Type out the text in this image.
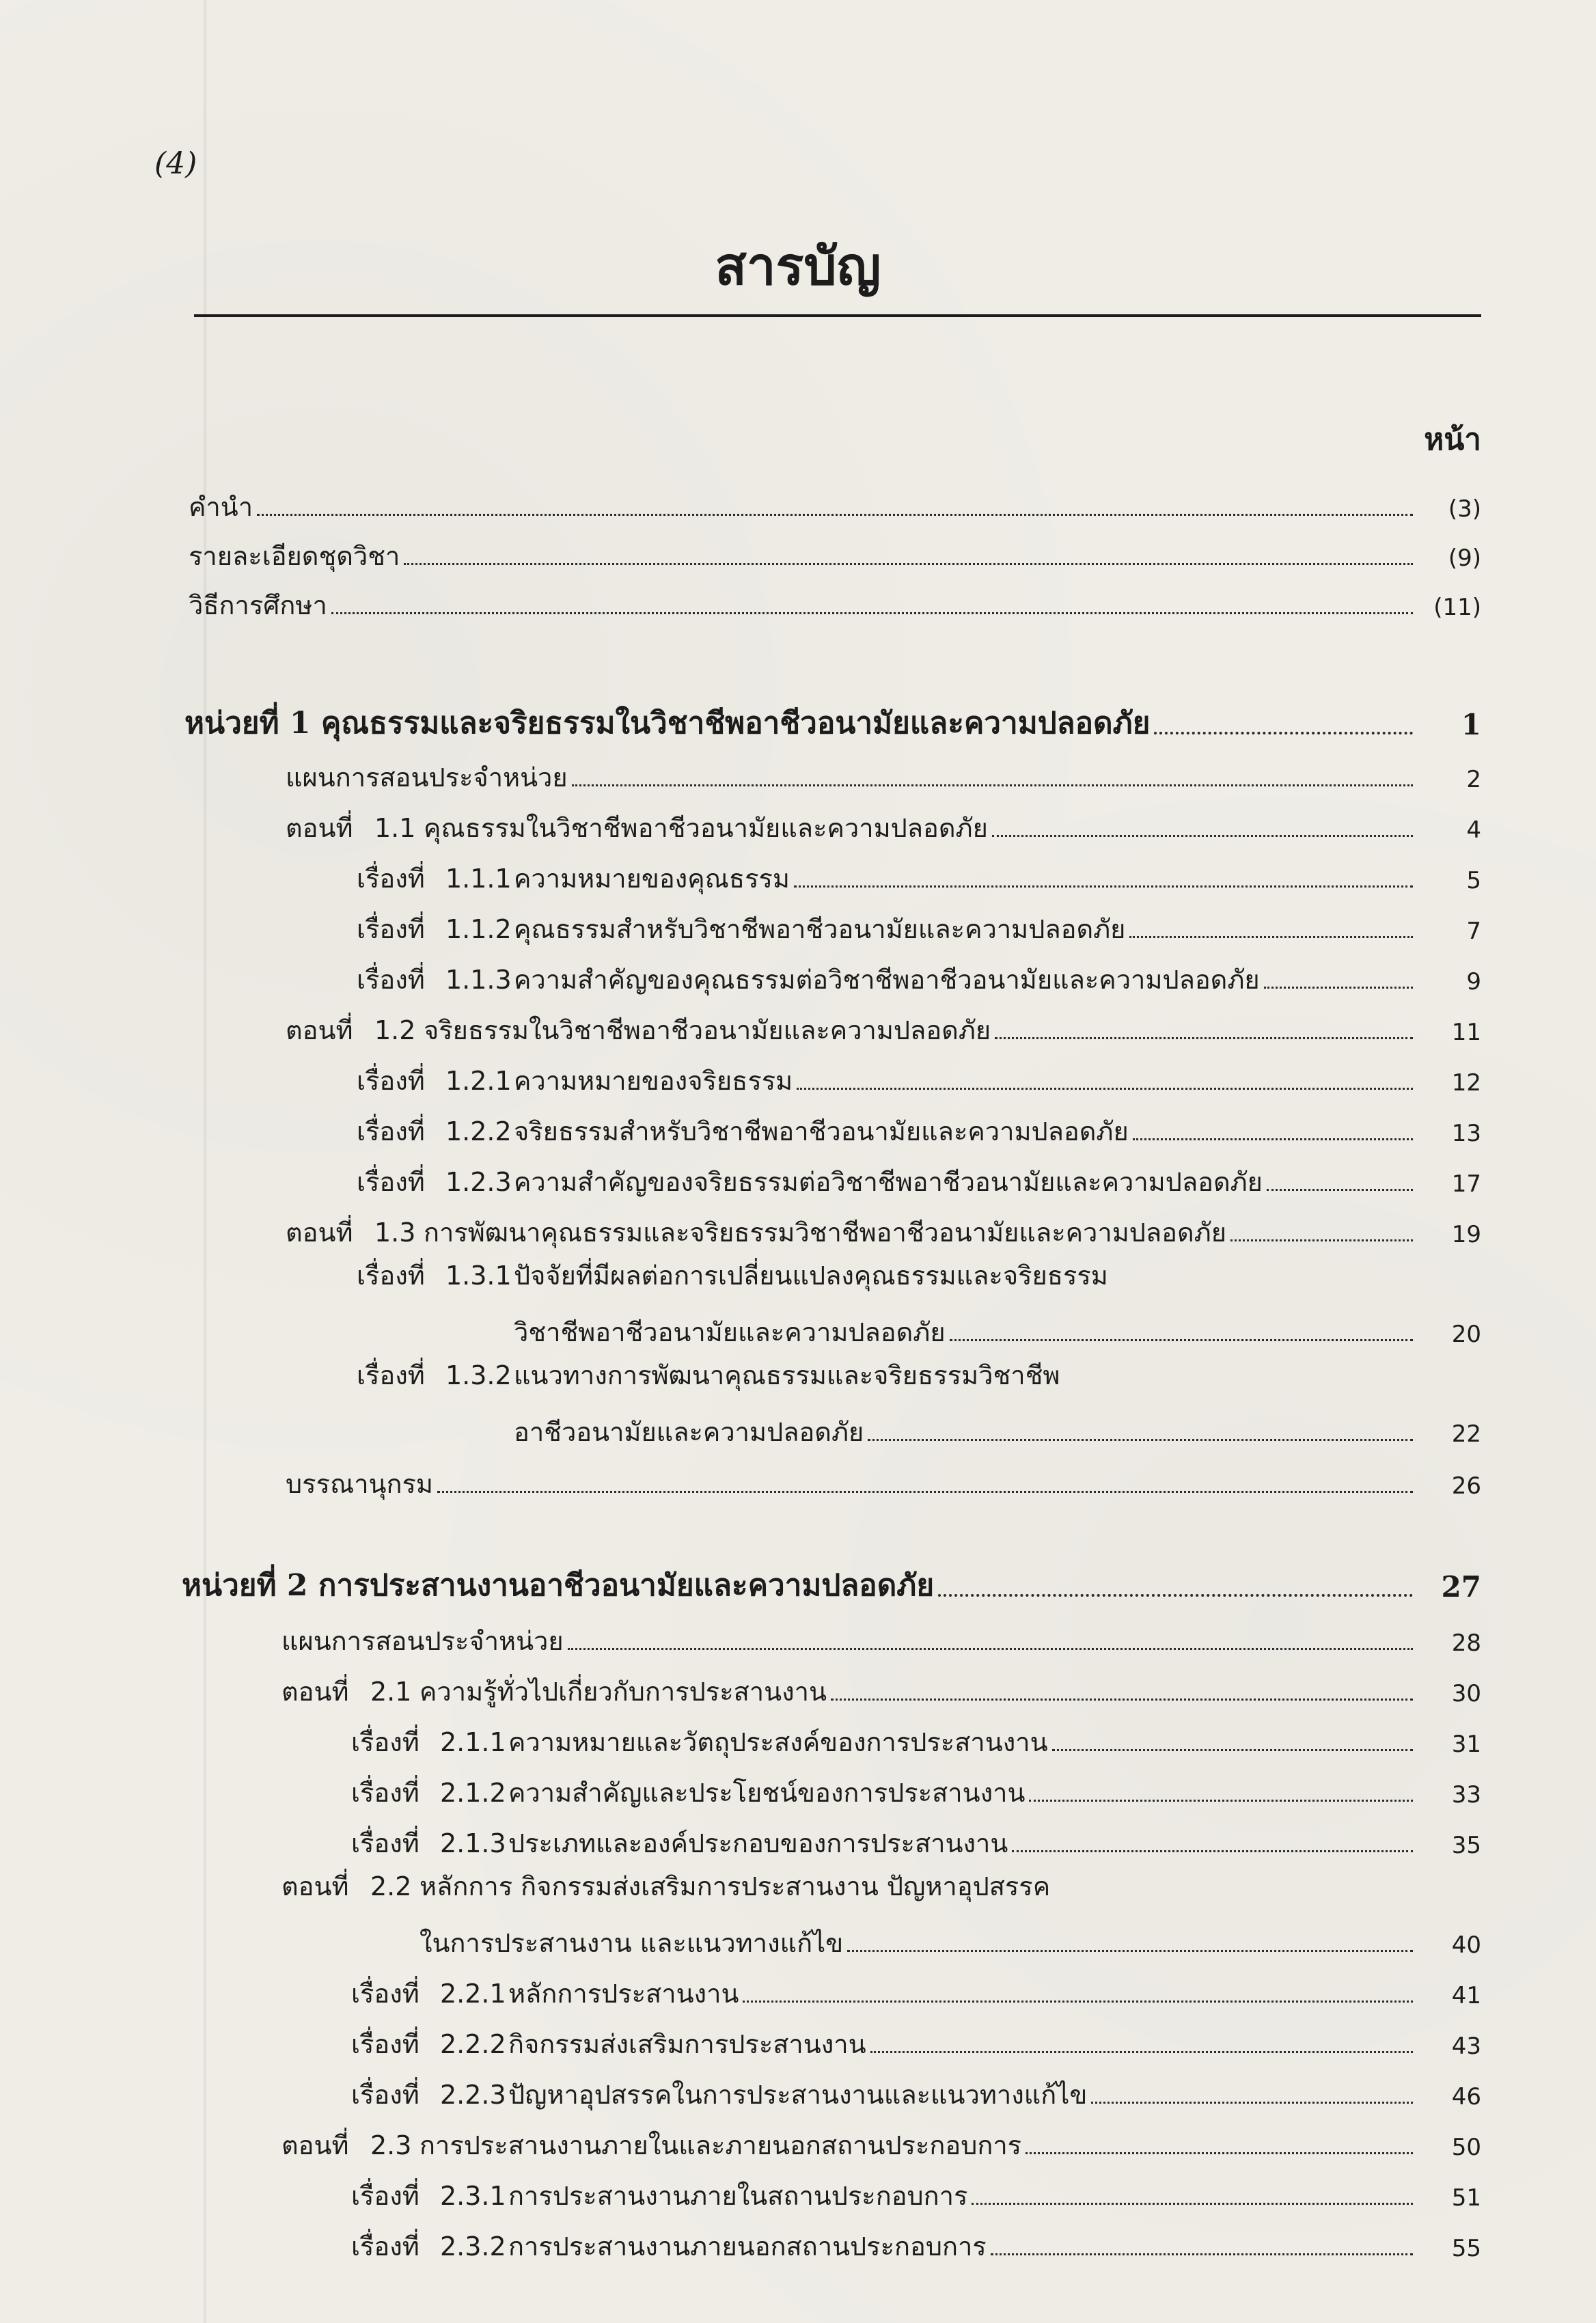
(4)
สารบัญ
หน้า
คำนำ	(3)
รายละเอียดชุดวิชา	(9)
วิธีการศึกษา	(11)
หน่วยที่ 1 คุณธรรมและจริยธรรมในวิชาชีพอาชีวอนามัยและความปลอดภัย	1
แผนการสอนประจำหน่วย	2
ตอนที่ 1.1 คุณธรรมในวิชาชีพอาชีวอนามัยและความปลอดภัย	4
เรื่องที่ 1.1.1ความหมายของคุณธรรม	5
เรื่องที่ 1.1.2คุณธรรมสำหรับวิชาชีพอาชีวอนามัยและความปลอดภัย	7
เรื่องที่ 1.1.3ความสำคัญของคุณธรรมต่อวิชาชีพอาชีวอนามัยและความปลอดภัย	9
ตอนที่ 1.2 จริยธรรมในวิชาชีพอาชีวอนามัยและความปลอดภัย	11
เรื่องที่ 1.2.1ความหมายของจริยธรรม	12
เรื่องที่ 1.2.2จริยธรรมสำหรับวิชาชีพอาชีวอนามัยและความปลอดภัย	13
เรื่องที่ 1.2.3ความสำคัญของจริยธรรมต่อวิชาชีพอาชีวอนามัยและความปลอดภัย	17
ตอนที่ 1.3 การพัฒนาคุณธรรมและจริยธรรมวิชาชีพอาชีวอนามัยและความปลอดภัย	19
เรื่องที่ 1.3.1ปัจจัยที่มีผลต่อการเปลี่ยนแปลงคุณธรรมและจริยธรรม
วิชาชีพอาชีวอนามัยและความปลอดภัย	20
เรื่องที่ 1.3.2แนวทางการพัฒนาคุณธรรมและจริยธรรมวิชาชีพ
อาชีวอนามัยและความปลอดภัย	22
บรรณานุกรม	26
หน่วยที่ 2 การประสานงานอาชีวอนามัยและความปลอดภัย	27
แผนการสอนประจำหน่วย	28
ตอนที่ 2.1 ความรู้ทั่วไปเกี่ยวกับการประสานงาน	30
เรื่องที่ 2.1.1ความหมายและวัตถุประสงค์ของการประสานงาน	31
เรื่องที่ 2.1.2ความสำคัญและประโยชน์ของการประสานงาน	33
เรื่องที่ 2.1.3ประเภทและองค์ประกอบของการประสานงาน	35
ตอนที่ 2.2 หลักการ กิจกรรมส่งเสริมการประสานงาน ปัญหาอุปสรรค
ในการประสานงาน และแนวทางแก้ไข	40
เรื่องที่ 2.2.1หลักการประสานงาน	41
เรื่องที่ 2.2.2กิจกรรมส่งเสริมการประสานงาน	43
เรื่องที่ 2.2.3ปัญหาอุปสรรคในการประสานงานและแนวทางแก้ไข	46
ตอนที่ 2.3 การประสานงานภายในและภายนอกสถานประกอบการ	50
เรื่องที่ 2.3.1การประสานงานภายในสถานประกอบการ	51
เรื่องที่ 2.3.2การประสานงานภายนอกสถานประกอบการ	55
